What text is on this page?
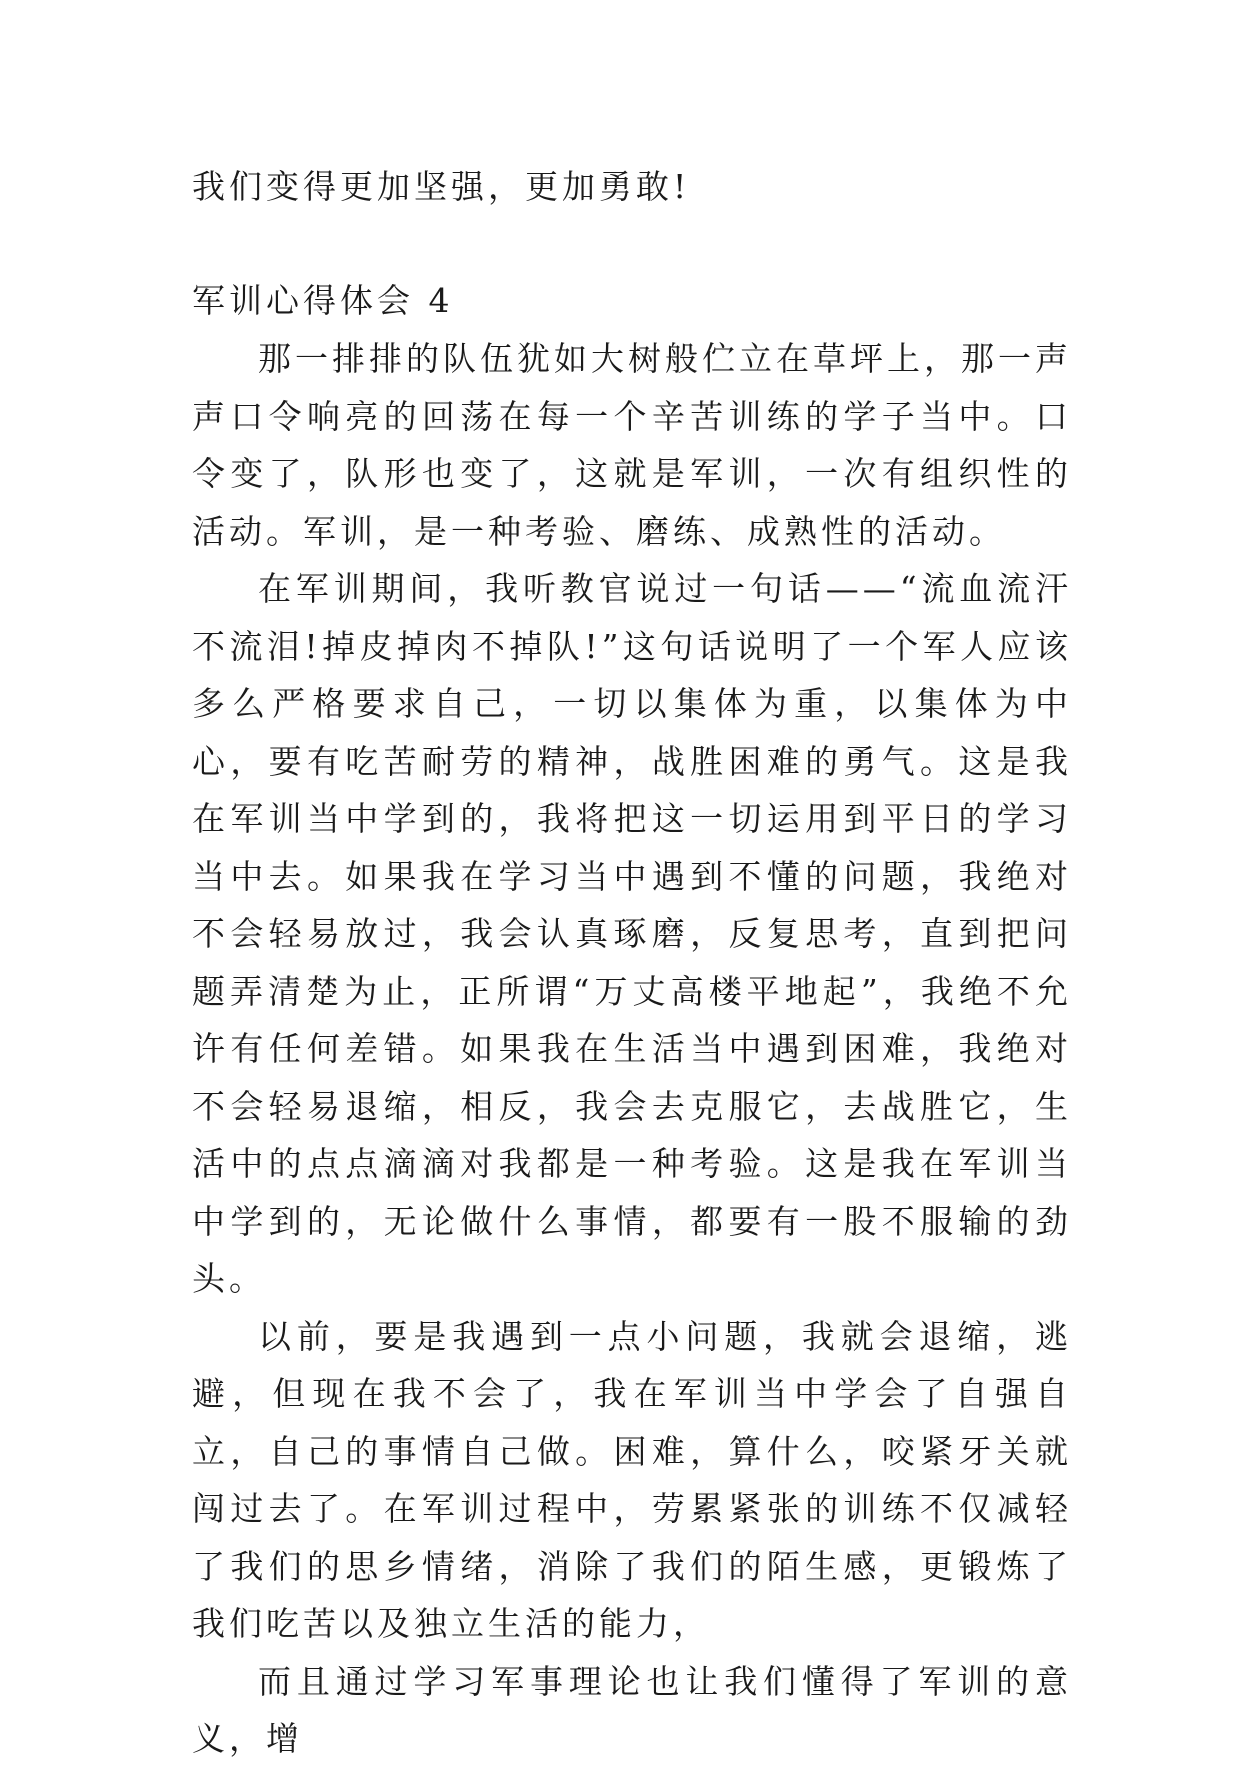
我们变得更加坚强，更加勇敢!

军训心得体会 4

那一排排的队伍犹如大树般伫立在草坪上，那一声声口令响亮的回荡在每一个辛苦训练的学子当中。口令变了，队形也变了，这就是军训，一次有组织性的活动。军训，是一种考验、磨练、成熟性的活动。

在军训期间，我听教官说过一句话——“流血流汗不流泪!掉皮掉肉不掉队!”这句话说明了一个军人应该多么严格要求自己，一切以集体为重，以集体为中心，要有吃苦耐劳的精神，战胜困难的勇气。这是我在军训当中学到的，我将把这一切运用到平日的学习当中去。如果我在学习当中遇到不懂的问题，我绝对不会轻易放过，我会认真琢磨，反复思考，直到把问题弄清楚为止，正所谓“万丈高楼平地起”，我绝不允许有任何差错。如果我在生活当中遇到困难，我绝对不会轻易退缩，相反，我会去克服它，去战胜它，生活中的点点滴滴对我都是一种考验。这是我在军训当中学到的，无论做什么事情，都要有一股不服输的劲头。

以前，要是我遇到一点小问题，我就会退缩，逃避，但现在我不会了，我在军训当中学会了自强自立，自己的事情自己做。困难，算什么，咬紧牙关就闯过去了。在军训过程中，劳累紧张的训练不仅减轻了我们的思乡情绪，消除了我们的陌生感，更锻炼了我们吃苦以及独立生活的能力，

而且通过学习军事理论也让我们懂得了军训的意义，增
